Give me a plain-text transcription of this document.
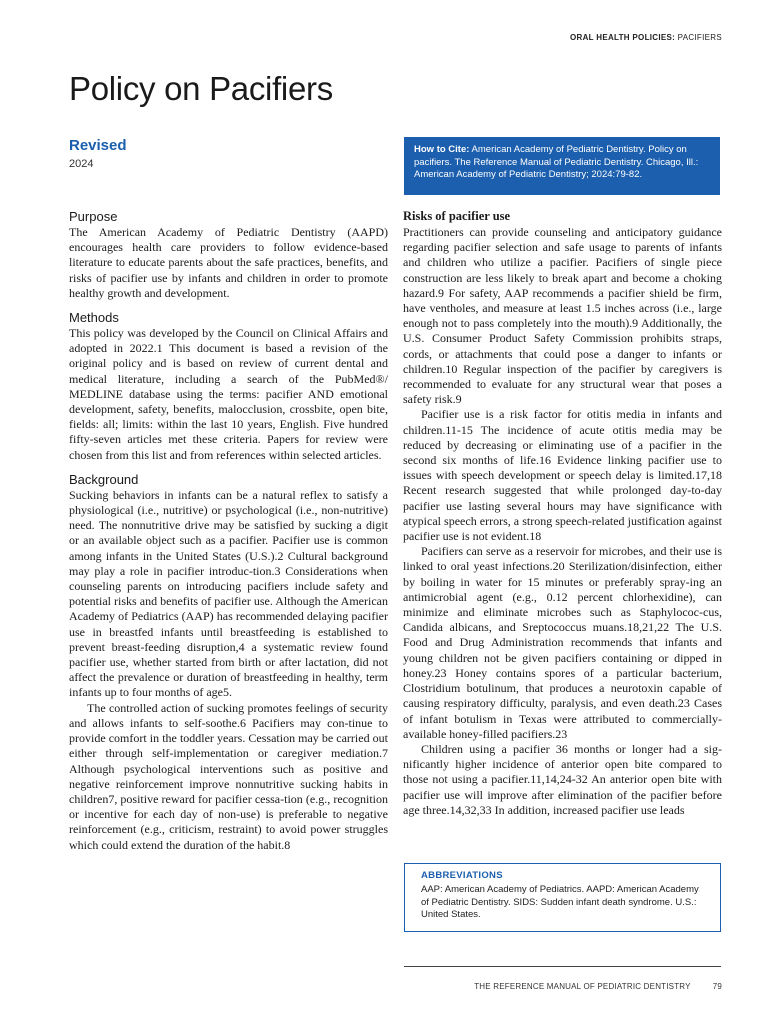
ORAL HEALTH POLICIES: PACIFIERS
Policy on Pacifiers
Revised
2024
How to Cite: American Academy of Pediatric Dentistry. Policy on pacifiers. The Reference Manual of Pediatric Dentistry. Chicago, Ill.: American Academy of Pediatric Dentistry; 2024:79-82.
Purpose

The American Academy of Pediatric Dentistry (AAPD) encourages health care providers to follow evidence-based literature to educate parents about the safe practices, benefits, and risks of pacifier use by infants and children in order to promote healthy growth and development.

Methods

This policy was developed by the Council on Clinical Affairs and adopted in 2022.1 This document is based a revision of the original policy and is based on review of current dental and medical literature, including a search of the PubMed®/ MEDLINE database using the terms: pacifier AND emotional development, safety, benefits, malocclusion, crossbite, open bite, fields: all; limits: within the last 10 years, English. Five hundred fifty-seven articles met these criteria. Papers for review were chosen from this list and from references within selected articles.

Background

Sucking behaviors in infants can be a natural reflex to satisfy a physiological (i.e., nutritive) or psychological (i.e., non-nutritive) need. The nonnutritive drive may be satisfied by sucking a digit or an available object such as a pacifier. Pacifier use is common among infants in the United States (U.S.).2 Cultural background may play a role in pacifier introduc-tion.3 Considerations when counseling parents on introducing pacifiers include safety and potential risks and benefits of pacifier use. Although the American Academy of Pediatrics (AAP) has recommended delaying pacifier use in breastfed infants until breastfeeding is established to prevent breast-feeding disruption,4 a systematic review found pacifier use, whether started from birth or after lactation, did not affect the prevalence or duration of breastfeeding in healthy, term infants up to four months of age5.

The controlled action of sucking promotes feelings of security and allows infants to self-soothe.6 Pacifiers may con-tinue to provide comfort in the toddler years. Cessation may be carried out either through self-implementation or caregiver mediation.7 Although psychological interventions such as positive and negative reinforcement improve nonnutritive sucking habits in children7, positive reward for pacifier cessa-tion (e.g., recognition or incentive for each day of non-use) is preferable to negative reinforcement (e.g., criticism, restraint) to avoid power struggles which could extend the duration of the habit.8

Risks of pacifier use

Practitioners can provide counseling and anticipatory guidance regarding pacifier selection and safe usage to parents of infants and children who utilize a pacifier. Pacifiers of single piece construction are less likely to break apart and become a choking hazard.9 For safety, AAP recommends a pacifier shield be firm, have ventholes, and measure at least 1.5 inches across (i.e., large enough not to pass completely into the mouth).9 Additionally, the U.S. Consumer Product Safety Commission prohibits straps, cords, or attachments that could pose a danger to infants or children.10 Regular inspection of the pacifier by caregivers is recommended to evaluate for any structural wear that poses a safety risk.9

Pacifier use is a risk factor for otitis media in infants and children.11-15 The incidence of acute otitis media may be reduced by decreasing or eliminating use of a pacifier in the second six months of life.16 Evidence linking pacifier use to issues with speech development or speech delay is limited.17,18 Recent research suggested that while prolonged day-to-day pacifier use lasting several hours may have significance with atypical speech errors, a strong speech-related justification against pacifier use is not evident.18

Pacifiers can serve as a reservoir for microbes, and their use is linked to oral yeast infections.20 Sterilization/disinfection, either by boiling in water for 15 minutes or preferably spray-ing an antimicrobial agent (e.g., 0.12 percent chlorhexidine), can minimize and eliminate microbes such as Staphylococ-cus, Candida albicans, and Sreptococcus muans.18,21,22 The U.S. Food and Drug Administration recommends that infants and young children not be given pacifiers containing or dipped in honey.23 Honey contains spores of a particular bacterium, Clostridium botulinum, that produces a neurotoxin capable of causing respiratory difficulty, paralysis, and even death.23 Cases of infant botulism in Texas were attributed to commercially-available honey-filled pacifiers.23

Children using a pacifier 36 months or longer had a sig-nificantly higher incidence of anterior open bite compared to those not using a pacifier.11,14,24-32 An anterior open bite with pacifier use will improve after elimination of the pacifier before age three.14,32,33 In addition, increased pacifier use leads

ABBREVIATIONS
AAP: American Academy of Pediatrics. AAPD: American Academy of Pediatric Dentistry. SIDS: Sudden infant death syndrome. U.S.: United States.
THE REFERENCE MANUAL OF PEDIATRIC DENTISTRY	79
